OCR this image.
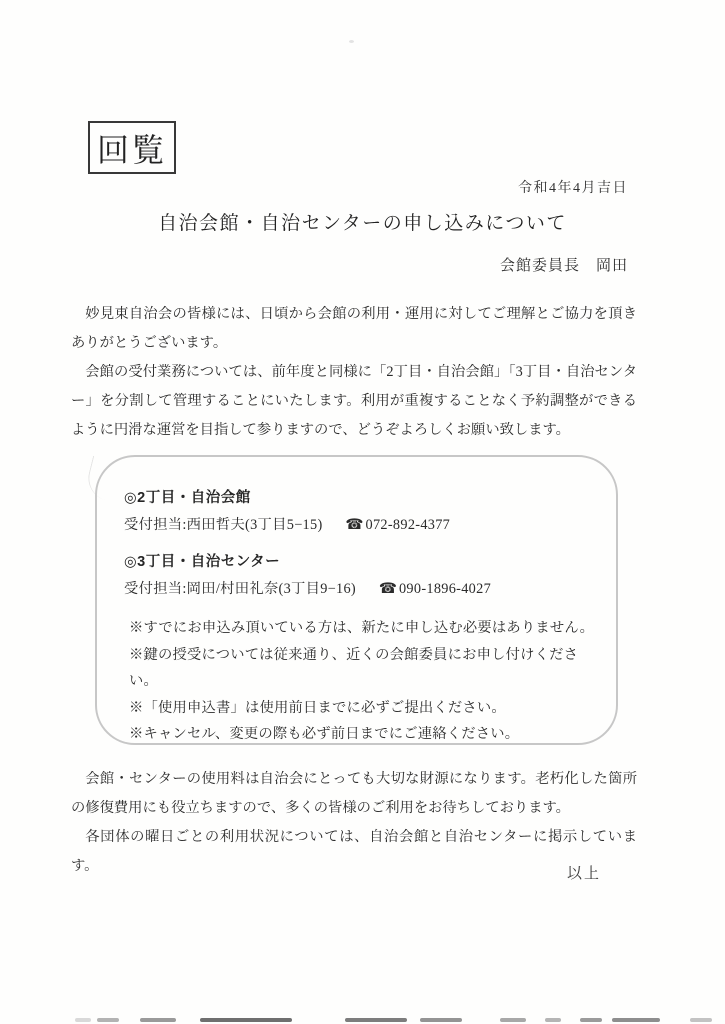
回覧
令和4年4月吉日
自治会館・自治センターの申し込みについて
会館委員長　岡田

妙見東自治会の皆様には、日頃から会館の利用・運用に対してご理解とご協力を頂きありがとうございます。

会館の受付業務については、前年度と同様に「2丁目・自治会館」「3丁目・自治センター」を分割して管理することにいたします。利用が重複することなく予約調整ができるように円滑な運営を目指して参りますので、どうぞよろしくお願い致します。

◎2丁目・自治会館
受付担当:西田哲夫(3丁目5−15) ☎ 072-892-4377
◎3丁目・自治センター
受付担当:岡田/村田礼奈(3丁目9−16) ☎ 090-1896-4027
※すでにお申込み頂いている方は、新たに申し込む必要はありません。
※鍵の授受については従来通り、近くの会館委員にお申し付けください。
※「使用申込書」は使用前日までに必ずご提出ください。
※キャンセル、変更の際も必ず前日までにご連絡ください。

会館・センターの使用料は自治会にとっても大切な財源になります。老朽化した箇所の修復費用にも役立ちますので、多くの皆様のご利用をお待ちしております。

各団体の曜日ごとの利用状況については、自治会館と自治センターに掲示しています。	以上
